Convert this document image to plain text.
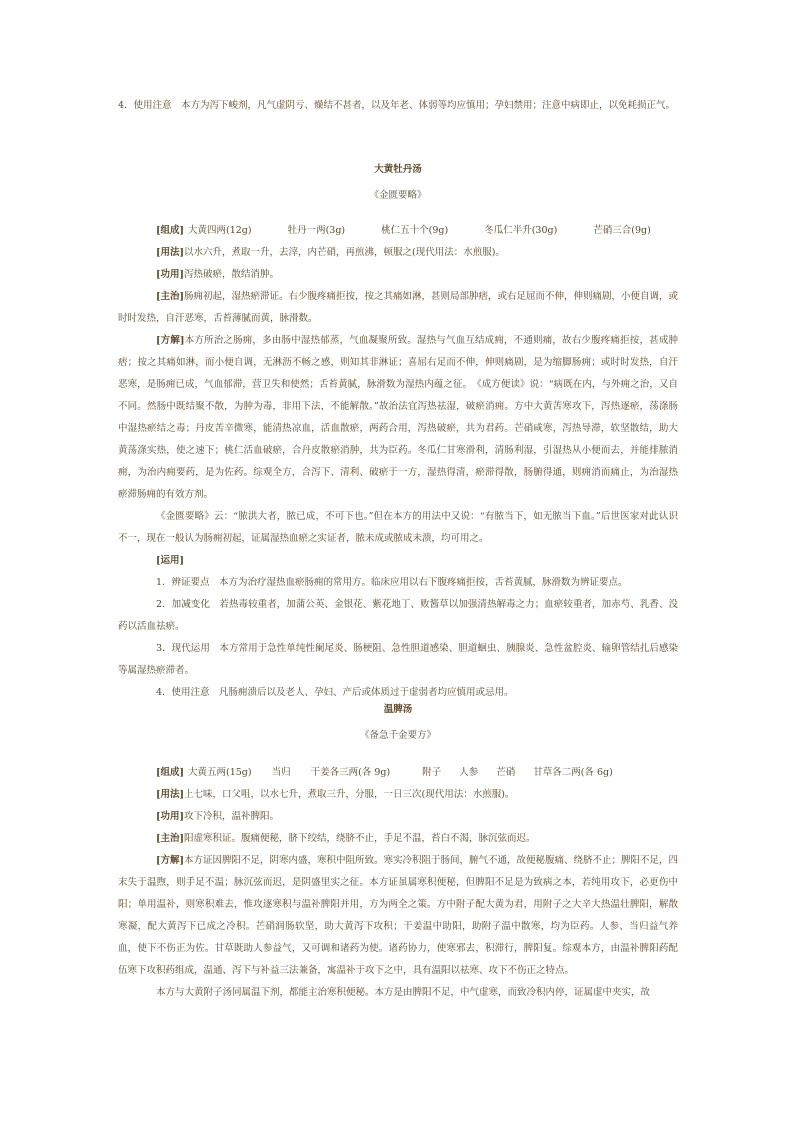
4．使用注意　本方为泻下峻剂，凡气虚阴亏、燥结不甚者，以及年老、体弱等均应慎用；孕妇禁用；注意中病即止，以免耗损正气。

大黄牡丹汤

《金匮要略》

[组成] 大黄四两(12g)	牡丹一两(3g)	桃仁五十个(9g)	冬瓜仁半升(30g)	芒硝三合(9g)

[用法]以水六升，煮取一升，去滓，内芒硝，再煎沸，顿服之(现代用法：水煎服)。

[功用]泻热破瘀，散结消肿。

[主治]肠痈初起，湿热瘀滞证。右少腹疼痛拒按，按之其痛如淋，甚则局部肿痞，或右足屈而不伸，伸则痛剧，小便自调，或时时发热，自汗恶寒，舌苔薄腻而黄，脉滑数。

[方解]本方所治之肠痈，多由肠中湿热郁蒸，气血凝聚所致。湿热与气血互结成痈，不通则痛，故右少腹疼痛拒按，甚成肿痞；按之其痛如淋，而小便自调，无淋沥不畅之感，则知其非淋证；喜屈右足而不伸，伸则痛剧，是为缩脚肠痈；或时时发热，自汗恶寒，是肠痈已成，气血郁滞，营卫失和使然；舌苔黄腻，脉滑数为湿热内蕴之征。　《成方便读》说：“病既在内，与外痈之治，又自不同。然肠中既结聚不散，为肿为毒，非用下法，不能解散。”故治法宜泻热祛湿，破瘀消痈。方中大黄苦寒攻下，泻热逐瘀，荡涤肠中湿热瘀结之毒；丹皮苦辛微寒，能清热凉血，活血散瘀，两药合用，泻热破瘀，共为君药。芒硝咸寒，泻热导滞，软坚散结，助大黄荡涤实热，使之速下；桃仁活血破瘀，合丹皮散瘀消肿，共为臣药。冬瓜仁甘寒滑利，清肠利湿，引湿热从小便而去，并能排脓消痈，为治内痈要药，是为佐药。综观全方，合泻下、清利、破瘀于一方，湿热得清，瘀滞得散，肠腑得通，则痈消而痛止，为治湿热瘀滞肠痈的有效方剂。

《金匮要略》云：“脓洪大者，脓已成，不可下也。”但在本方的用法中又说：“有脓当下，如无脓当下血。”后世医家对此认识不一，现在一般认为肠痈初起，证属湿热血瘀之实证者，脓未成或脓成未溃，均可用之。

[运用]

1．辨证要点　本方为治疗湿热血瘀肠痈的常用方。临床应用以右下腹疼痛拒按，舌苔黄腻，脉滑数为辨证要点。

2．加减变化　若热毒较重者，加蒲公英、金银花、紫花地丁、败酱草以加强清热解毒之力；血瘀较重者，加赤芍、乳香、没药以活血祛瘀。

3．现代运用　本方常用于急性单纯性阑尾炎、肠梗阻、急性胆道感染、胆道蛔虫、胰腺炎、急性盆腔炎、输卵管结扎后感染等属湿热瘀滞者。

4．使用注意　凡肠痈溃后以及老人、孕妇、产后或体质过于虚弱者均应慎用或忌用。

温脾汤

《备急千金要方》

[组成] 大黄五两(15g) 当归 干姜各三两(各 9g)	附子 人参 芒硝 甘草各二两(各 6g)

[用法]上七味，口父咀，以水七升，煮取三升，分服，一日三次(现代用法：水煎服)。

[功用]攻下冷积，温补脾阳。

[主治]阳虚寒积证。腹痛便秘，脐下绞结，绕脐不止，手足不温，苔白不渴，脉沉弦而迟。

[方解]本方证因脾阳不足，阴寒内盛，寒积中阻所致。寒实冷积阻于肠间，腑气不通，故便秘腹痛、绕脐不止；脾阳不足，四末失于温煦，则手足不温；脉沉弦而迟，是阴盛里实之征。本方证虽属寒积便秘，但脾阳不足是为致病之本，若纯用攻下，必更伤中阳；单用温补，则寒积难去，惟攻逐寒积与温补脾阳并用，方为两全之策。方中附子配大黄为君，用附子之大辛大热温壮脾阳，解散寒凝，配大黄泻下已成之冷积。芒硝润肠软坚，助大黄泻下攻积；干姜温中助阳，助附子温中散寒，均为臣药。人参、当归益气养血，使下不伤正为佐。甘草既助人参益气，又可调和诸药为使。诸药协力，使寒邪去，积滞行，脾阳复。综观本方，由温补脾阳药配伍寒下攻积药组成，温通、泻下与补益三法兼备，寓温补于攻下之中，具有温阳以祛寒、攻下不伤正之特点。

本方与大黄附子汤同属温下剂，都能主治寒积便秘。本方是由脾阳不足，中气虚寒，而致冷积内停，证属虚中夹实，故
